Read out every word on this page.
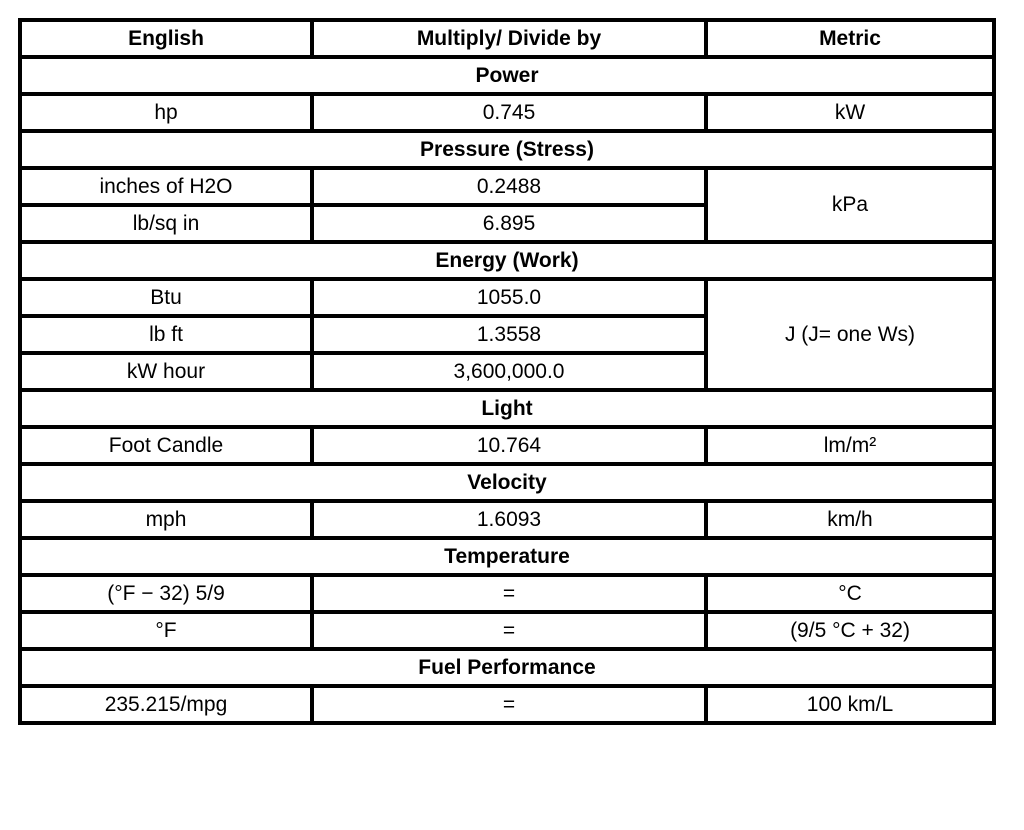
English	Multiply/ Divide by	Metric
Power		
hp	0.745	kW
Pressure (Stress)		
inches of H2O	0.2488	kPa
lb/sq in	6.895	
Energy (Work)		
Btu	1055.0	J (J= one Ws)
lb ft	1.3558	
kW hour	3,600,000.0	
Light		
Foot Candle	10.764	lm/m²
Velocity		
mph	1.6093	km/h
Temperature		
(°F − 32) 5/9	=	°C
°F	=	(9/5 °C + 32)
Fuel Performance		
235.215/mpg	=	100 km/L
